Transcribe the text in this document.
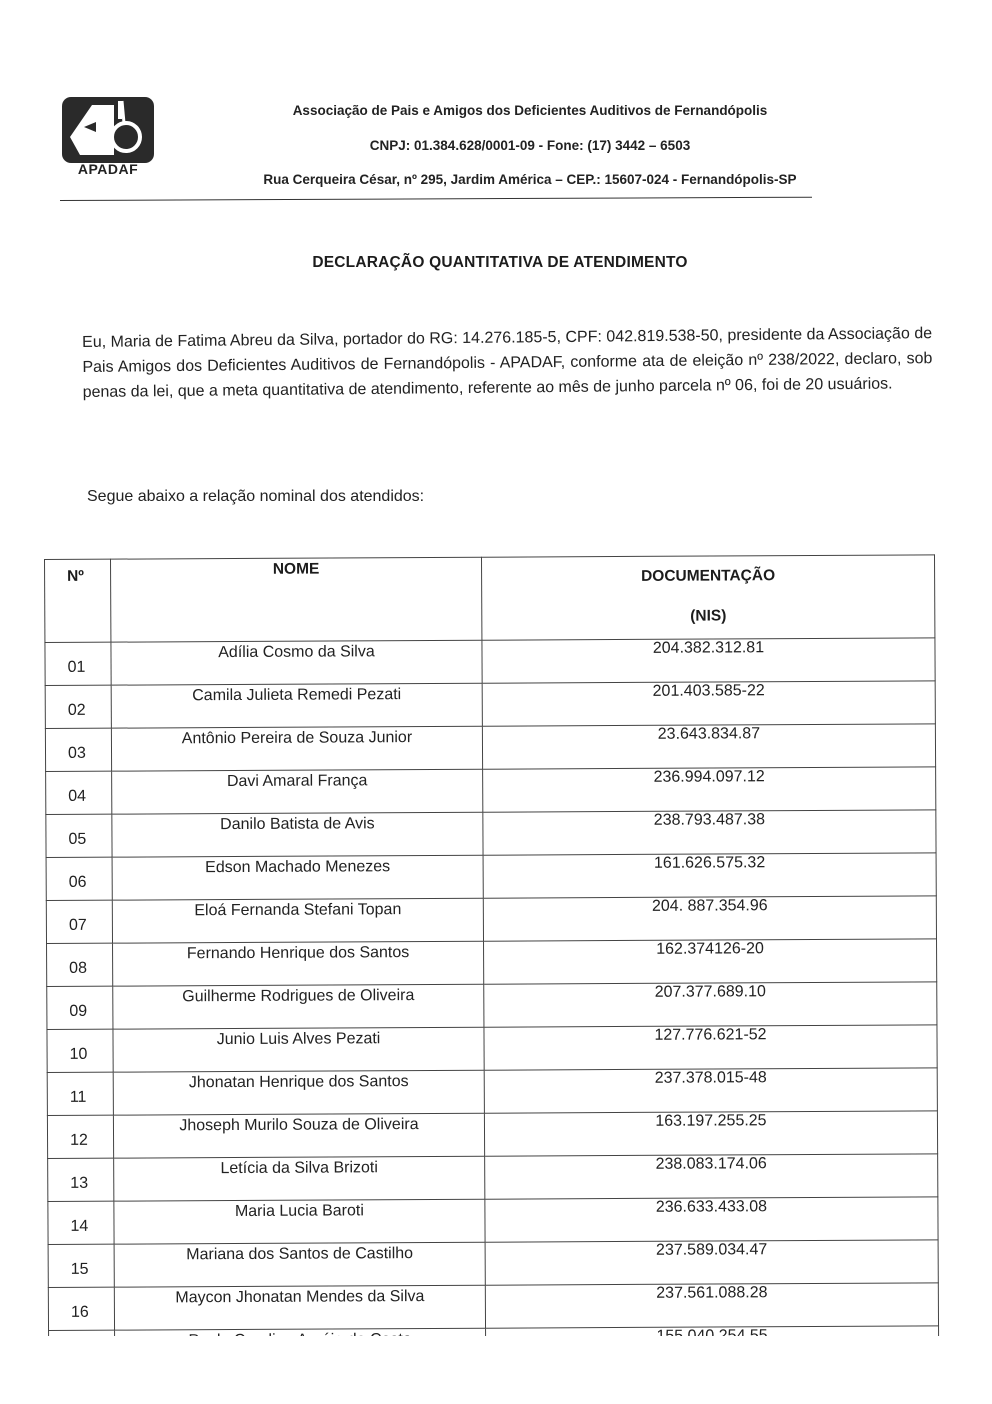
APADAF
Associação de Pais e Amigos dos Deficientes Auditivos de Fernandópolis
CNPJ: 01.384.628/0001-09 - Fone: (17) 3442 – 6503
Rua Cerqueira César, nº 295, Jardim América – CEP.: 15607-024 - Fernandópolis-SP
DECLARAÇÃO QUANTITATIVA DE ATENDIMENTO
Eu, Maria de Fatima Abreu da Silva, portador do RG: 14.276.185-5, CPF: 042.819.538-50, presidente da Associação de Pais Amigos dos Deficientes Auditivos de Fernandópolis - APADAF, conforme ata de eleição nº 238/2022, declaro, sob penas da lei, que a meta quantitativa de atendimento, referente ao mês de junho parcela nº 06, foi de 20 usuários.
Segue abaixo a relação nominal dos atendidos:
Nº	NOME	DOCUMENTAÇÃO
(NIS)

01	Adília Cosmo da Silva	204.382.312.81
02	Camila Julieta Remedi Pezati	201.403.585-22
03	Antônio Pereira de Souza Junior	23.643.834.87
04	Davi Amaral França	236.994.097.12
05	Danilo Batista de Avis	238.793.487.38
06	Edson Machado Menezes	161.626.575.32
07	Eloá Fernanda Stefani Topan	204. 887.354.96
08	Fernando Henrique dos Santos	162.374126-20
09	Guilherme Rodrigues de Oliveira	207.377.689.10
10	Junio Luis Alves Pezati	127.776.621-52
11	Jhonatan Henrique dos Santos	237.378.015-48
12	Jhoseph Murilo Souza de Oliveira	163.197.255.25
13	Letícia da Silva Brizoti	238.083.174.06
14	Maria Lucia Baroti	236.633.433.08
15	Mariana dos Santos de Castilho	237.589.034.47
16	Maycon Jhonatan Mendes da Silva	237.561.088.28
